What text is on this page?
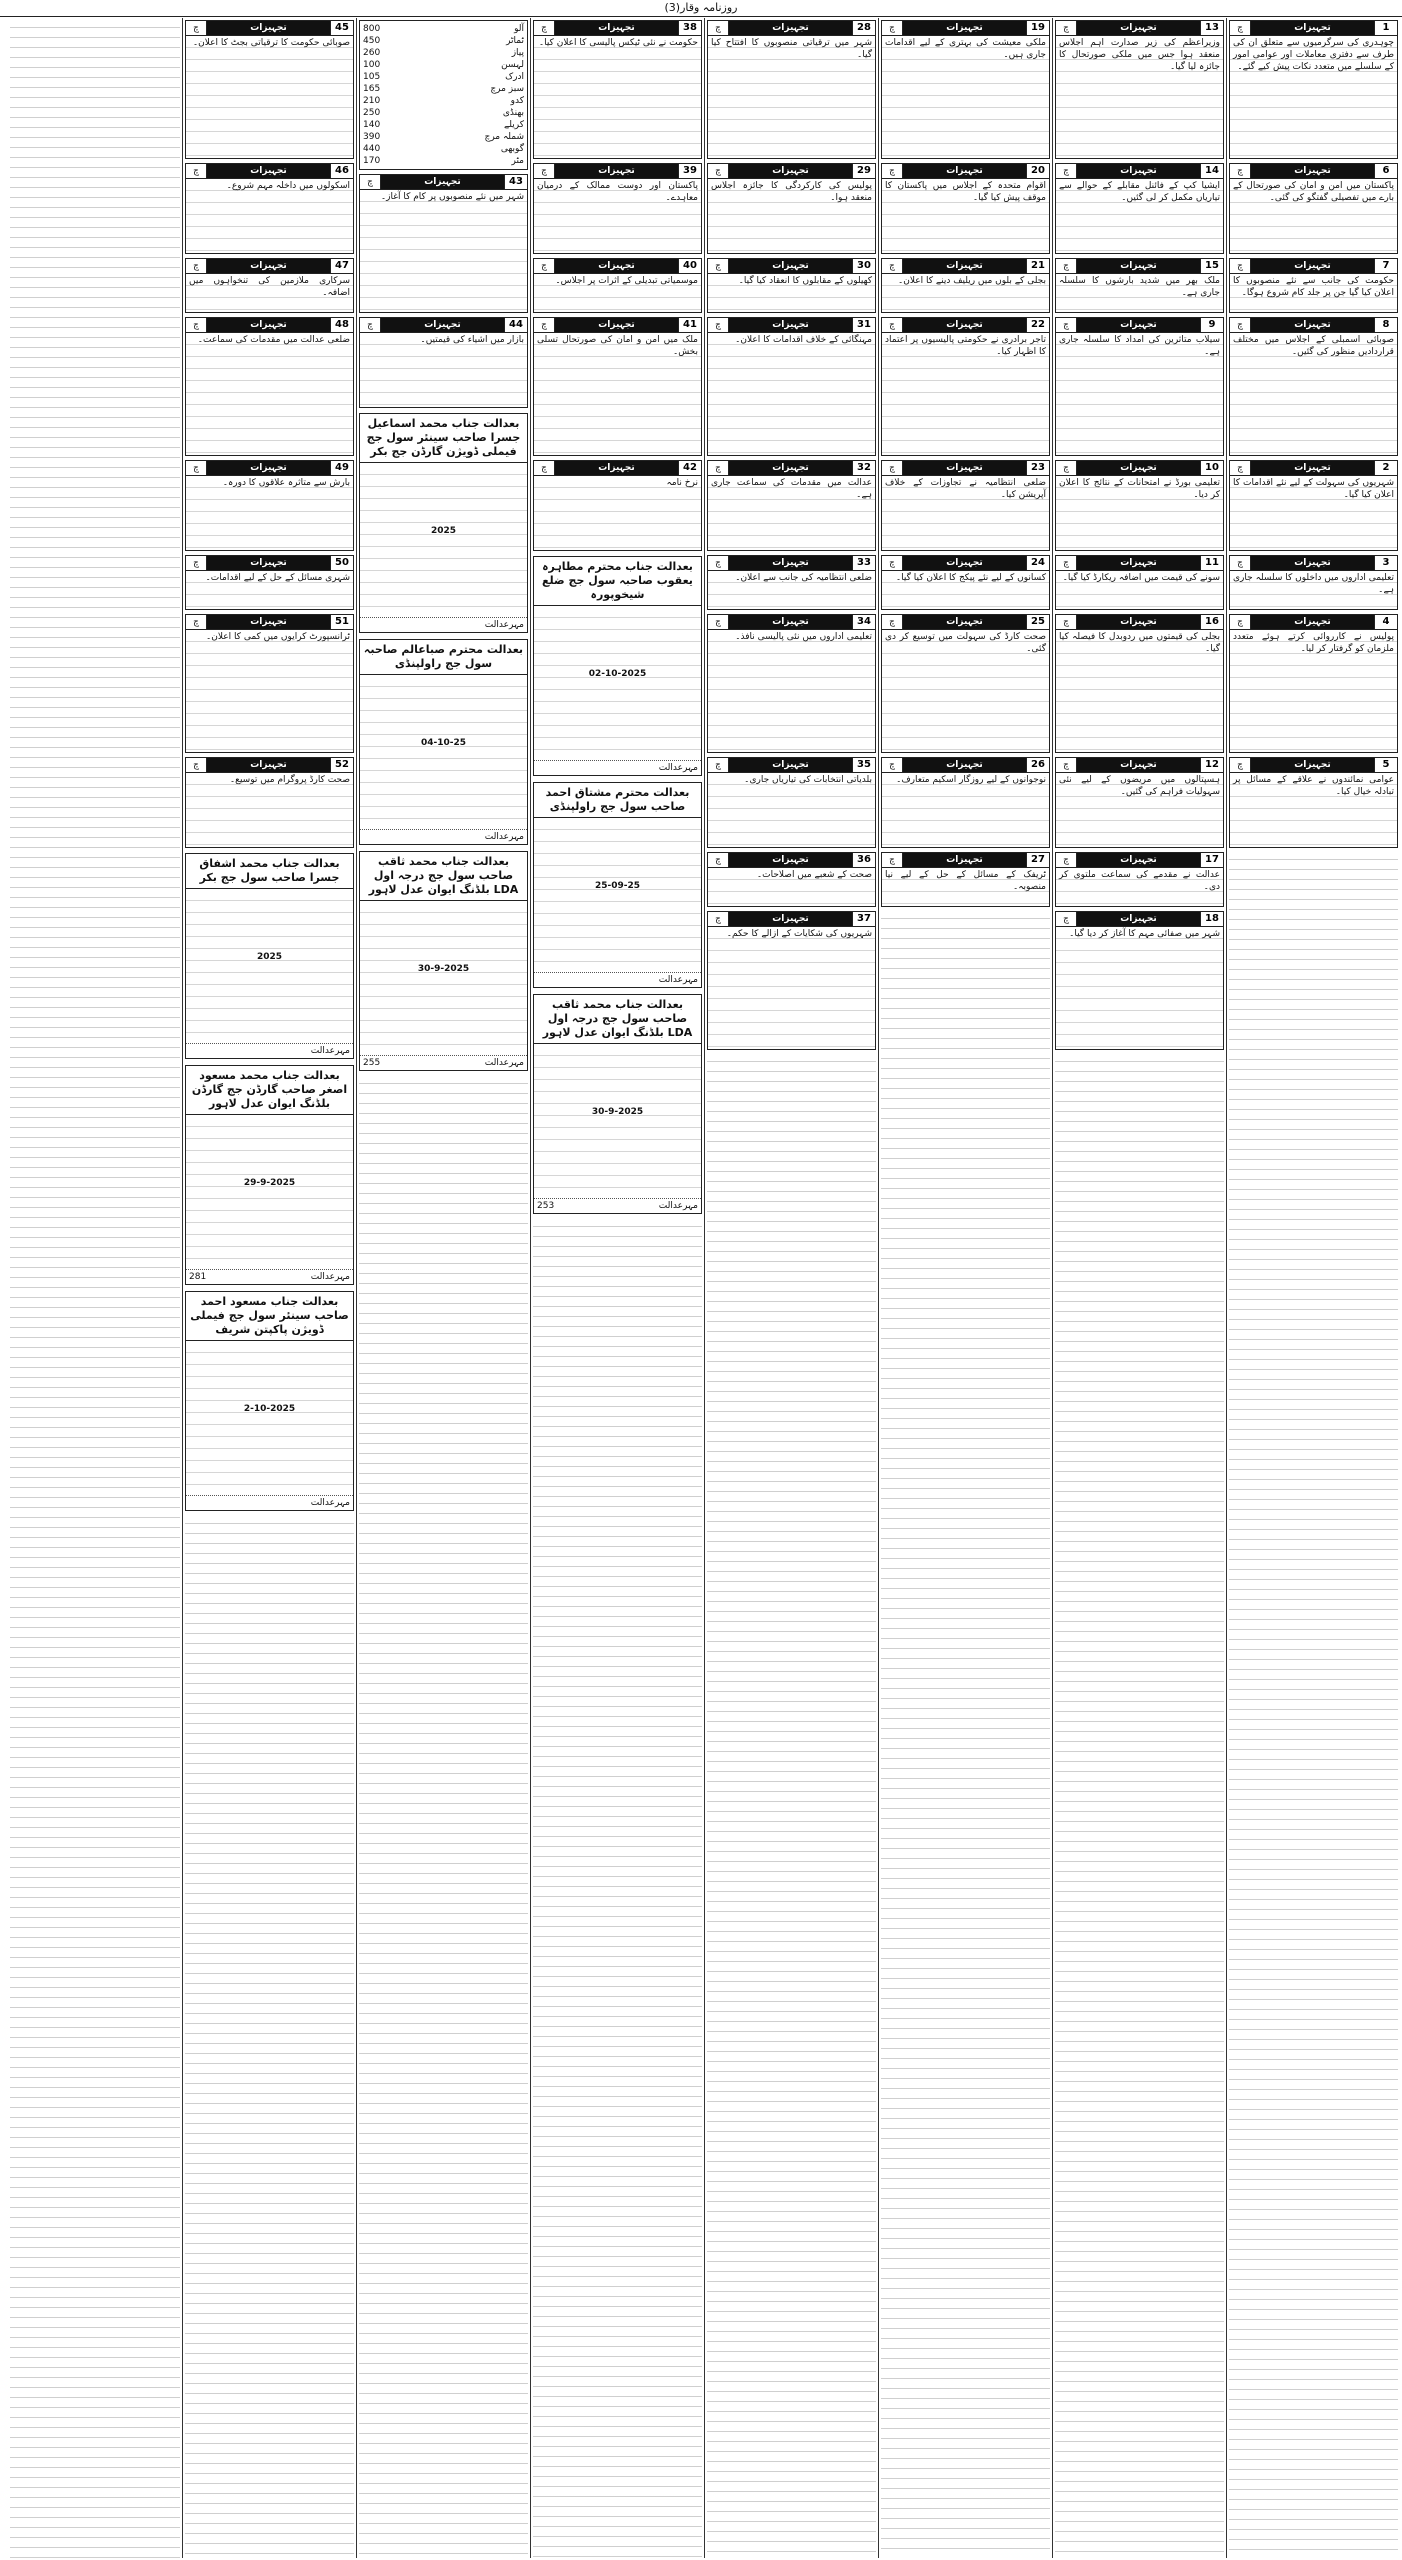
روزنامہ وقار(3)
1
تجہیزات
چ
چوہدری کی سرگرمیوں سے متعلق ان کی طرف سے دفتری معاملات اور عوامی امور کے سلسلے میں متعدد نکات پیش کیے گئے۔
6
تجہیزات
چ
پاکستان میں امن و امان کی صورتحال کے بارے میں تفصیلی گفتگو کی گئی۔
7
تجہیزات
چ
حکومت کی جانب سے نئے منصوبوں کا اعلان کیا گیا جن پر جلد کام شروع ہوگا۔
8
تجہیزات
چ
صوبائی اسمبلی کے اجلاس میں مختلف قراردادیں منظور کی گئیں۔
2
تجہیزات
چ
شہریوں کی سہولت کے لیے نئے اقدامات کا اعلان کیا گیا۔
3
تجہیزات
چ
تعلیمی اداروں میں داخلوں کا سلسلہ جاری ہے۔
4
تجہیزات
چ
پولیس نے کارروائی کرتے ہوئے متعدد ملزمان کو گرفتار کر لیا۔
5
تجہیزات
چ
عوامی نمائندوں نے علاقے کے مسائل پر تبادلہ خیال کیا۔
13
تجہیزات
چ
وزیراعظم کی زیر صدارت اہم اجلاس منعقد ہوا جس میں ملکی صورتحال کا جائزہ لیا گیا۔
14
تجہیزات
چ
ایشیا کپ کے فائنل مقابلے کے حوالے سے تیاریاں مکمل کر لی گئیں۔
15
تجہیزات
چ
ملک بھر میں شدید بارشوں کا سلسلہ جاری ہے۔
9
تجہیزات
چ
سیلاب متاثرین کی امداد کا سلسلہ جاری ہے۔
10
تجہیزات
چ
تعلیمی بورڈ نے امتحانات کے نتائج کا اعلان کر دیا۔
11
تجہیزات
چ
سونے کی قیمت میں اضافہ ریکارڈ کیا گیا۔
16
تجہیزات
چ
بجلی کی قیمتوں میں ردوبدل کا فیصلہ کیا گیا۔
12
تجہیزات
چ
ہسپتالوں میں مریضوں کے لیے نئی سہولیات فراہم کی گئیں۔
17
تجہیزات
چ
عدالت نے مقدمے کی سماعت ملتوی کر دی۔
18
تجہیزات
چ
شہر میں صفائی مہم کا آغاز کر دیا گیا۔
19
تجہیزات
چ
ملکی معیشت کی بہتری کے لیے اقدامات جاری ہیں۔
20
تجہیزات
چ
اقوام متحدہ کے اجلاس میں پاکستان کا موقف پیش کیا گیا۔
21
تجہیزات
چ
بجلی کے بلوں میں ریلیف دینے کا اعلان۔
22
تجہیزات
چ
تاجر برادری نے حکومتی پالیسیوں پر اعتماد کا اظہار کیا۔
23
تجہیزات
چ
ضلعی انتظامیہ نے تجاوزات کے خلاف آپریشن کیا۔
24
تجہیزات
چ
کسانوں کے لیے نئے پیکج کا اعلان کیا گیا۔
25
تجہیزات
چ
صحت کارڈ کی سہولت میں توسیع کر دی گئی۔
26
تجہیزات
چ
نوجوانوں کے لیے روزگار اسکیم متعارف۔
27
تجہیزات
چ
ٹریفک کے مسائل کے حل کے لیے نیا منصوبہ۔
28
تجہیزات
چ
شہر میں ترقیاتی منصوبوں کا افتتاح کیا گیا۔
29
تجہیزات
چ
پولیس کی کارکردگی کا جائزہ اجلاس منعقد ہوا۔
30
تجہیزات
چ
کھیلوں کے مقابلوں کا انعقاد کیا گیا۔
31
تجہیزات
چ
مہنگائی کے خلاف اقدامات کا اعلان۔
32
تجہیزات
چ
عدالت میں مقدمات کی سماعت جاری ہے۔
33
تجہیزات
چ
ضلعی انتظامیہ کی جانب سے اعلان۔
34
تجہیزات
چ
تعلیمی اداروں میں نئی پالیسی نافذ۔
35
تجہیزات
چ
بلدیاتی انتخابات کی تیاریاں جاری۔
36
تجہیزات
چ
صحت کے شعبے میں اصلاحات۔
37
تجہیزات
چ
شہریوں کی شکایات کے ازالے کا حکم۔
38
تجہیزات
چ
حکومت نے نئی ٹیکس پالیسی کا اعلان کیا۔
39
تجہیزات
چ
پاکستان اور دوست ممالک کے درمیان معاہدے۔
40
تجہیزات
چ
موسمیاتی تبدیلی کے اثرات پر اجلاس۔
41
تجہیزات
چ
ملک میں امن و امان کی صورتحال تسلی بخش۔
42
تجہیزات
چ
نرخ نامہ
بعدالت جناب محترم مطاہرہ یعقوب صاحبہ سول جج ضلع شیخوپورہ
02-10-2025
مہرعدالت
بعدالت محترم مشتاق احمد صاحب سول جج راولپنڈی
25-09-25
مہرعدالت
بعدالت جناب محمد ثاقب صاحب سول جج درجہ اول LDA بلڈنگ ایوان عدل لاہور
30-9-2025
مہرعدالت
253
آلو
800
ٹماٹر
450
پیاز
260
لہسن
100
ادرک
105
سبز مرچ
165
کدو
210
بھنڈی
250
کریلے
140
شملہ مرچ
390
گوبھی
440
مٹر
170
43
تجہیزات
چ
شہر میں نئے منصوبوں پر کام کا آغاز۔
44
تجہیزات
چ
بازار میں اشیاء کی قیمتیں۔
بعدالت جناب محمد اسماعیل جسرا صاحب سینئر سول جج فیملی ڈویژن گارڈن جج بکر
2025
مہرعدالت
بعدالت محترم صباعالم صاحبہ سول جج راولپنڈی
04-10-25
مہرعدالت
بعدالت جناب محمد ثاقب صاحب سول جج درجہ اول LDA بلڈنگ ایوان عدل لاہور
30-9-2025
مہرعدالت
255
45
تجہیزات
چ
صوبائی حکومت کا ترقیاتی بجٹ کا اعلان۔
46
تجہیزات
چ
اسکولوں میں داخلہ مہم شروع۔
47
تجہیزات
چ
سرکاری ملازمین کی تنخواہوں میں اضافہ۔
48
تجہیزات
چ
ضلعی عدالت میں مقدمات کی سماعت۔
49
تجہیزات
چ
بارش سے متاثرہ علاقوں کا دورہ۔
50
تجہیزات
چ
شہری مسائل کے حل کے لیے اقدامات۔
51
تجہیزات
چ
ٹرانسپورٹ کرایوں میں کمی کا اعلان۔
52
تجہیزات
چ
صحت کارڈ پروگرام میں توسیع۔
بعدالت جناب محمد اشفاق جسرا صاحب سول جج بکر
2025
مہرعدالت
بعدالت جناب محمد مسعود اصغر صاحب گارڈن جج گارڈن بلڈنگ ایوان عدل لاہور
29-9-2025
مہرعدالت
281
بعدالت جناب مسعود احمد صاحب سینئر سول جج فیملی ڈویژن پاکپتن شریف
2-10-2025
مہرعدالت
